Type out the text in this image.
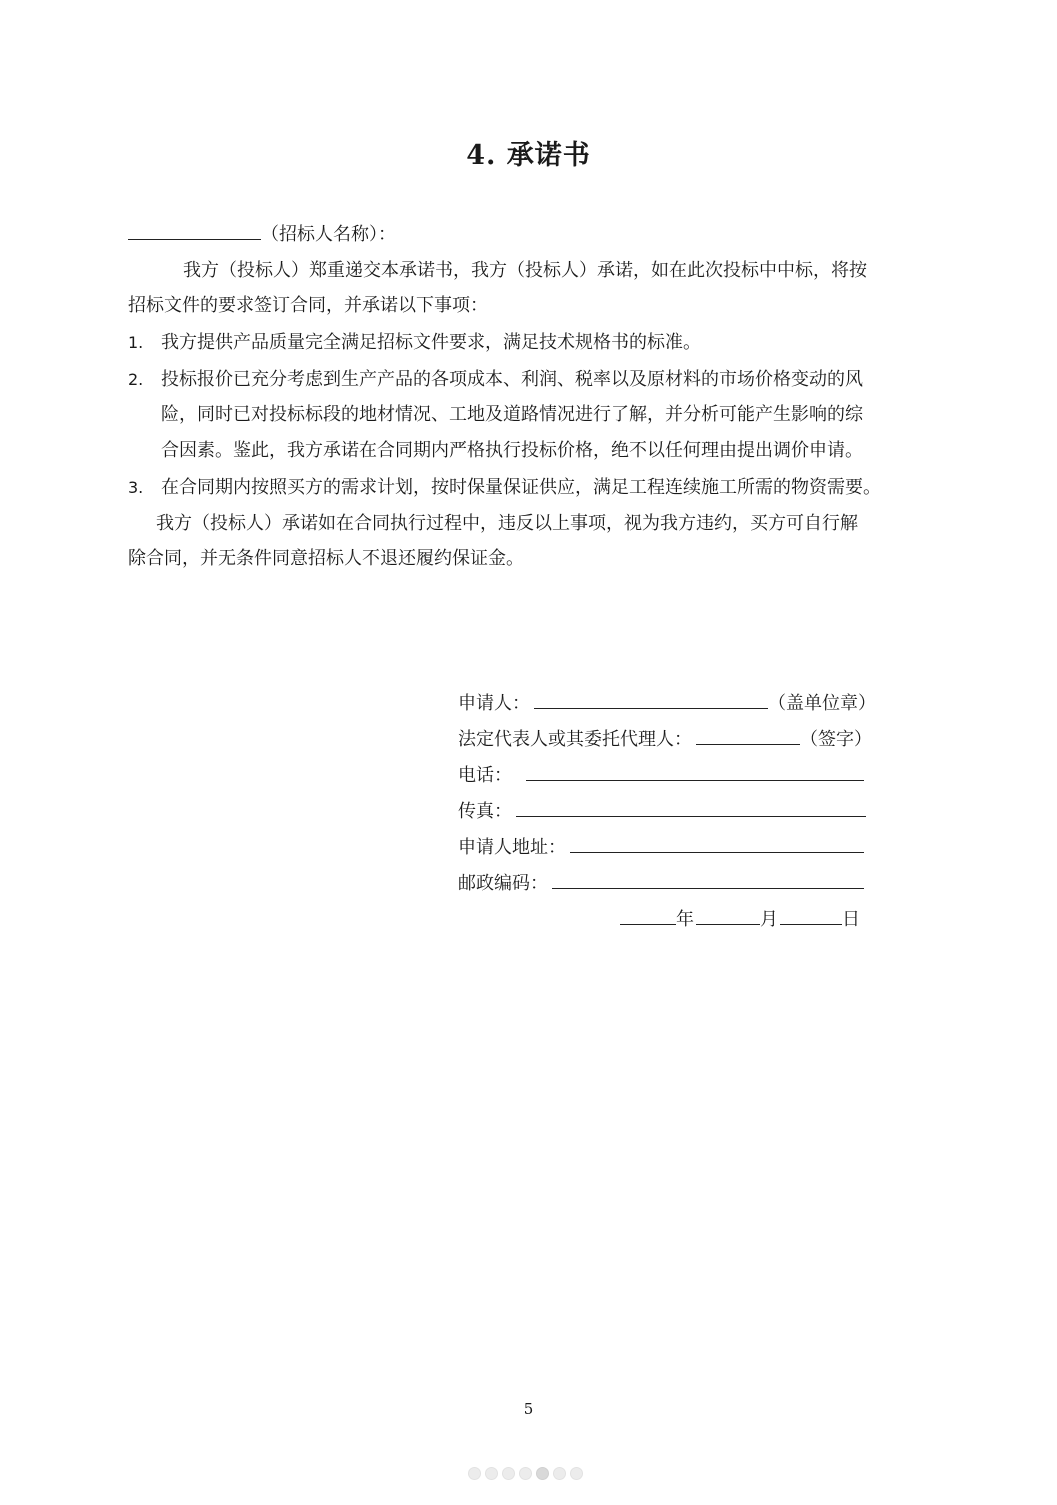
4. 承诺书
（招标人名称）：
我方（投标人）郑重递交本承诺书，我方（投标人）承诺，如在此次投标中中标，将按
招标文件的要求签订合同，并承诺以下事项：
1. 我方提供产品质量完全满足招标文件要求，满足技术规格书的标准。
2. 投标报价已充分考虑到生产产品的各项成本、利润、税率以及原材料的市场价格变动的风
险，同时已对投标标段的地材情况、工地及道路情况进行了解，并分析可能产生影响的综
合因素。鉴此，我方承诺在合同期内严格执行投标价格，绝不以任何理由提出调价申请。
3. 在合同期内按照买方的需求计划，按时保量保证供应，满足工程连续施工所需的物资需要。
我方（投标人）承诺如在合同执行过程中，违反以上事项，视为我方违约，买方可自行解
除合同，并无条件同意招标人不退还履约保证金。
申请人：	（盖单位章）
法定代表人或其委托代理人：	（签字）
电话：
传真：
申请人地址：
邮政编码：
年	月	日
5
